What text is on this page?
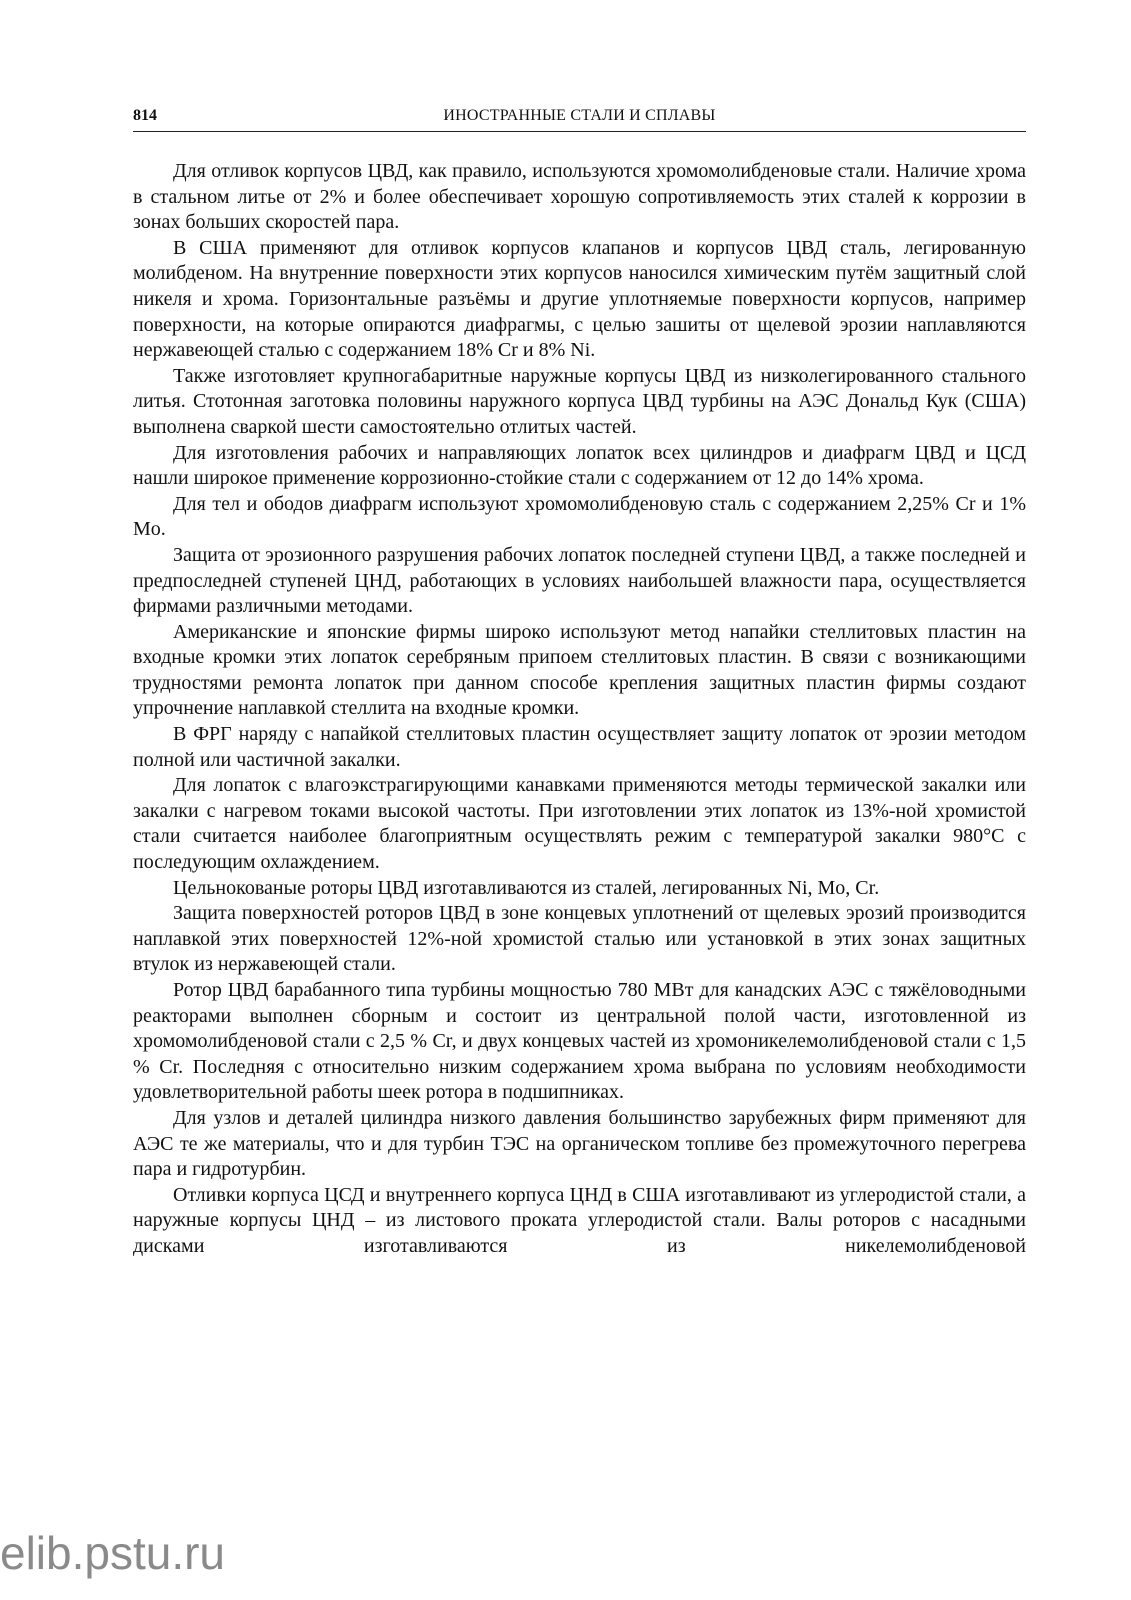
814	ИНОСТРАННЫЕ СТАЛИ И СПЛАВЫ

Для отливок корпусов ЦВД, как правило, используются хромомолибденовые стали. Наличие хрома в стальном литье от 2% и более обеспечивает хорошую сопротивляемость этих сталей к коррозии в зонах больших скоростей пара.

В США применяют для отливок корпусов клапанов и корпусов ЦВД сталь, легированную молибденом. На внутренние поверхности этих корпусов наносился химическим путём защитный слой никеля и хрома. Горизонтальные разъёмы и другие уплотняемые поверхности корпусов, например поверхности, на которые опираются диафрагмы, с целью зашиты от щелевой эрозии наплавляются нержавеющей сталью с содержанием 18% Cr и 8% Ni.

Также изготовляет крупногабаритные наружные корпусы ЦВД из низколегированного стального литья. Стотонная заготовка половины наружного корпуса ЦВД турбины на АЭС Дональд Кук (США) выполнена сваркой шести самостоятельно отлитых частей.

Для изготовления рабочих и направляющих лопаток всех цилиндров и диафрагм ЦВД и ЦСД нашли широкое применение коррозионно-стойкие стали с содержанием от 12 до 14% хрома.

Для тел и ободов диафрагм используют хромомолибденовую сталь с содержанием 2,25% Cr и 1% Mo.

Защита от эрозионного разрушения рабочих лопаток последней ступени ЦВД, а также последней и предпоследней ступеней ЦНД, работающих в условиях наибольшей влажности пара, осуществляется фирмами различными методами.

Американские и японские фирмы широко используют метод напайки стеллитовых пластин на входные кромки этих лопаток серебряным припоем стеллитовых пластин. В связи с возникающими трудностями ремонта лопаток при данном способе крепления защитных пластин фирмы создают упрочнение наплавкой стеллита на входные кромки.

В ФРГ наряду с напайкой стеллитовых пластин осуществляет защиту лопаток от эрозии методом полной или частичной закалки.

Для лопаток с влагоэкстрагирующими канавками применяются методы термической закалки или закалки с нагревом токами высокой частоты. При изготовлении этих лопаток из 13%-ной хромистой стали считается наиболее благоприятным осуществлять режим с температурой закалки 980°С с последующим охлаждением.

Цельнокованые роторы ЦВД изготавливаются из сталей, легированных Ni, Mo, Cr.

Защита поверхностей роторов ЦВД в зоне концевых уплотнений от щелевых эрозий производится наплавкой этих поверхностей 12%-ной хромистой сталью или установкой в этих зонах защитных втулок из нержавеющей стали.

Ротор ЦВД барабанного типа турбины мощностью 780 МВт для канадских АЭС с тяжёловодными реакторами выполнен сборным и состоит из центральной полой части, изготовленной из хромомолибденовой стали с 2,5 % Cr, и двух концевых частей из хромоникелемолибденовой стали с 1,5 % Cr. Последняя с относительно низким содержанием хрома выбрана по условиям необходимости удовлетворительной работы шеек ротора в подшипниках.

Для узлов и деталей цилиндра низкого давления большинство зарубежных фирм применяют для АЭС те же материалы, что и для турбин ТЭС на органическом топливе без промежуточного перегрева пара и гидротурбин.

Отливки корпуса ЦСД и внутреннего корпуса ЦНД в США изготавливают из углеродистой стали, а наружные корпусы ЦНД – из листового проката углеродистой стали. Валы роторов с насадными дисками изготавливаются из никелемолибденовой

elib.pstu.ru
